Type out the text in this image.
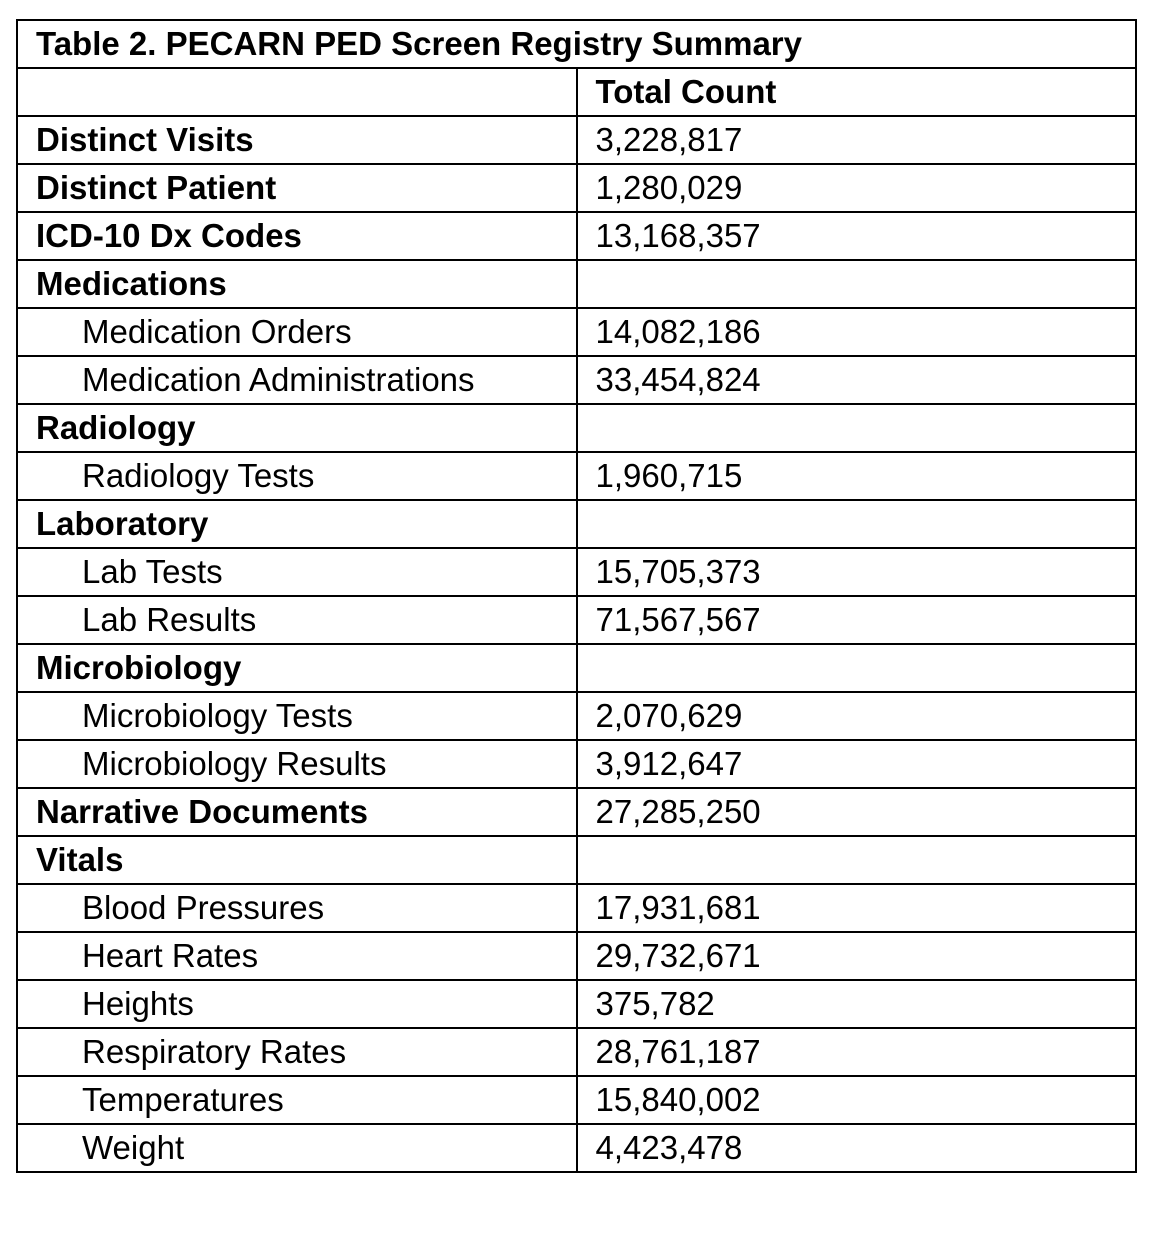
Table 2. PECARN PED Screen Registry Summary	
	Total Count
Distinct Visits	3,228,817
Distinct Patient	1,280,029
ICD-10 Dx Codes	13,168,357
Medications	
Medication Orders	14,082,186
Medication Administrations	33,454,824
Radiology	
Radiology Tests	1,960,715
Laboratory	
Lab Tests	15,705,373
Lab Results	71,567,567
Microbiology	
Microbiology Tests	2,070,629
Microbiology Results	3,912,647
Narrative Documents	27,285,250
Vitals	
Blood Pressures	17,931,681
Heart Rates	29,732,671
Heights	375,782
Respiratory Rates	28,761,187
Temperatures	15,840,002
Weight	4,423,478
